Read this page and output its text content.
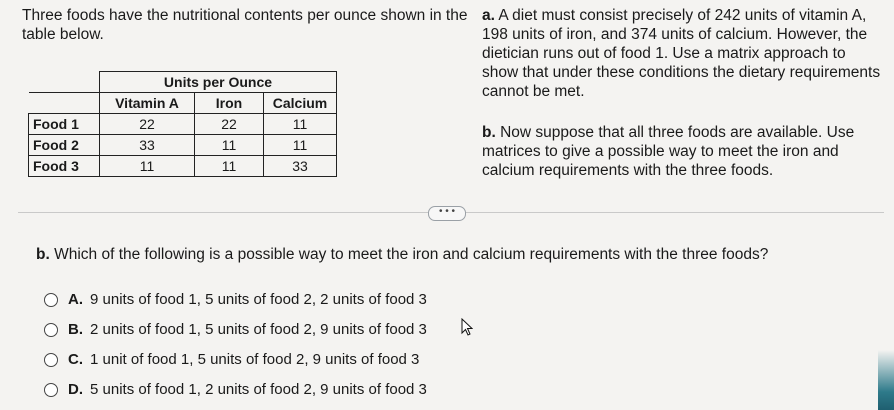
Three foods have the nutritional contents per ounce shown in the table below.
	Units per Ounce		
	Vitamin A	Iron	Calcium
Food 1	22	22	11
Food 2	33	11	11
Food 3	11	11	33
a. A diet must consist precisely of 242 units of vitamin A, 198 units of iron, and 374 units of calcium. However, the dietician runs out of food 1. Use a matrix approach to show that under these conditions the dietary requirements cannot be met.
b. Now suppose that all three foods are available. Use matrices to give a possible way to meet the iron and calcium requirements with the three foods.
• • •
b. Which of the following is a possible way to meet the iron and calcium requirements with the three foods?
A. 9 units of food 1, 5 units of food 2, 2 units of food 3
B. 2 units of food 1, 5 units of food 2, 9 units of food 3
C. 1 unit of food 1, 5 units of food 2, 9 units of food 3
D. 5 units of food 1, 2 units of food 2, 9 units of food 3
